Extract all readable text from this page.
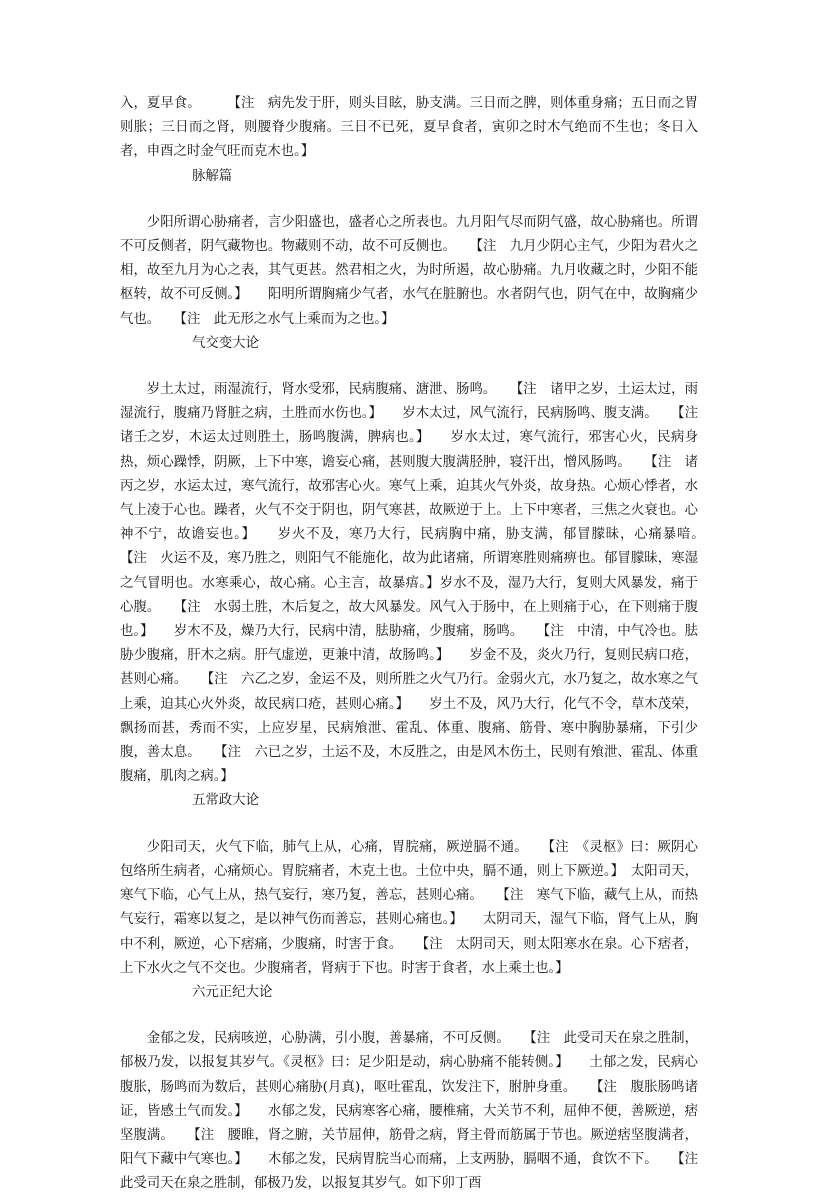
入，夏早食。　　　【注　病先发于肝，则头目眩，胁支满。三日而之脾，则体重身痛；五日而之胃则胀；三日而之肾，则腰脊少腹痛。三日不已死，夏早食者，寅卯之时木气绝而不生也；冬日入者，申酉之时金气旺而克木也。】

脉解篇

少阳所谓心胁痛者，言少阳盛也，盛者心之所表也。九月阳气尽而阴气盛，故心胁痛也。所谓不可反侧者，阴气藏物也。物藏则不动，故不可反侧也。　　【注　九月少阴心主气，少阳为君火之相，故至九月为心之表，其气更甚。然君相之火，为时所遏，故心胁痛。九月收藏之时，少阳不能枢转，故不可反侧。】　　阳明所谓胸痛少气者，水气在脏腑也。水者阴气也，阴气在中，故胸痛少气也。　　【注　此无形之水气上乘而为之也。】

气交变大论

岁土太过，雨湿流行，肾水受邪，民病腹痛、溏泄、肠鸣。　　【注　诸甲之岁，土运太过，雨湿流行，腹痛乃肾脏之病，土胜而水伤也。】　　岁木太过，风气流行，民病肠鸣、腹支满。　　【注　诸壬之岁，木运太过则胜土，肠鸣腹满，脾病也。】　　岁水太过，寒气流行，邪害心火，民病身热，烦心躁悸，阴厥，上下中寒，谵妄心痛，甚则腹大腹满胫肿，寝汗出，憎风肠鸣。　　【注　诸丙之岁，水运太过，寒气流行，故邪害心火。寒气上乘，迫其火气外炎，故身热。心烦心悸者，水气上凌于心也。躁者，火气不交于阴也，阴气寒甚，故厥逆于上。上下中寒者，三焦之火衰也。心神不宁，故谵妄也。】　　岁火不及，寒乃大行，民病胸中痛，胁支满，郁冒朦昧，心痛暴喑。　　【注　火运不及，寒乃胜之，则阳气不能施化，故为此诸痛，所谓寒胜则痛痹也。郁冒朦昧，寒湿之气冒明也。水寒乘心，故心痛。心主言，故暴痦。】岁水不及，湿乃大行，复则大风暴发，痛于心腹。　　【注　水弱土胜，木后复之，故大风暴发。风气入于肠中，在上则痛于心，在下则痛于腹也。】　　岁木不及，燥乃大行，民病中清，胠胁痛，少腹痛，肠鸣。　　【注　中清，中气冷也。胠胁少腹痛，肝木之病。肝气虚逆，更兼中清，故肠鸣。】　　岁金不及，炎火乃行，复则民病口疮，甚则心痛。　　【注　六乙之岁，金运不及，则所胜之火气乃行。金弱火亢，水乃复之，故水寒之气上乘，迫其心火外炎，故民病口疮，甚则心痛。】　　岁土不及，风乃大行，化气不令，草木茂荣，飘扬而甚，秀而不实，上应岁星，民病飧泄、霍乱、体重、腹痛、筋骨、寒中胸胁暴痛，下引少腹，善太息。　　【注　六已之岁，土运不及，木反胜之，由是风木伤土，民则有飧泄、霍乱、体重腹痛，肌肉之病。】

五常政大论

少阳司天，火气下临，肺气上从，心痛，胃脘痛，厥逆膈不通。　　【注　《灵枢》曰：厥阴心包络所生病者，心痛烦心。胃脘痛者，木克土也。土位中央，膈不通，则上下厥逆。】　太阳司天，寒气下临，心气上从，热气妄行，寒乃复，善忘，甚则心痛。　　【注　寒气下临，藏气上从，而热气妄行，霜寒以复之，是以神气伤而善忘，甚则心痛也。】　　太阴司天，湿气下临，肾气上从，胸中不利，厥逆，心下痞痛，少腹痛，时害于食。　　【注　太阴司天，则太阳寒水在泉。心下痞者，上下水火之气不交也。少腹痛者，肾病于下也。时害于食者，水上乘土也。】

六元正纪大论

金郁之发，民病咳逆，心胁满，引小腹，善暴痛，不可反侧。　　【注　此受司天在泉之胜制，郁极乃发，以报复其岁气。《灵枢》曰：足少阳是动，病心胁痛不能转侧。】　　土郁之发，民病心腹胀，肠鸣而为数后，甚则心痛胁(月真)，呕吐霍乱，饮发注下，胕肿身重。　　【注　腹胀肠鸣诸证，皆感土气而发。】　　水郁之发，民病寒客心痛，腰椎痛，大关节不利，屈伸不便，善厥逆，痞坚腹满。　　【注　腰睢，肾之腑，关节屈伸，筋骨之病，肾主骨而筋属于节也。厥逆痞坚腹满者，阳气下藏中气寒也。】　　木郁之发，民病胃脘当心而痛，上支两胁，膈咽不通，食饮不下。　　【注　此受司天在泉之胜制，郁极乃发，以报复其岁气。如下卯丁酉
